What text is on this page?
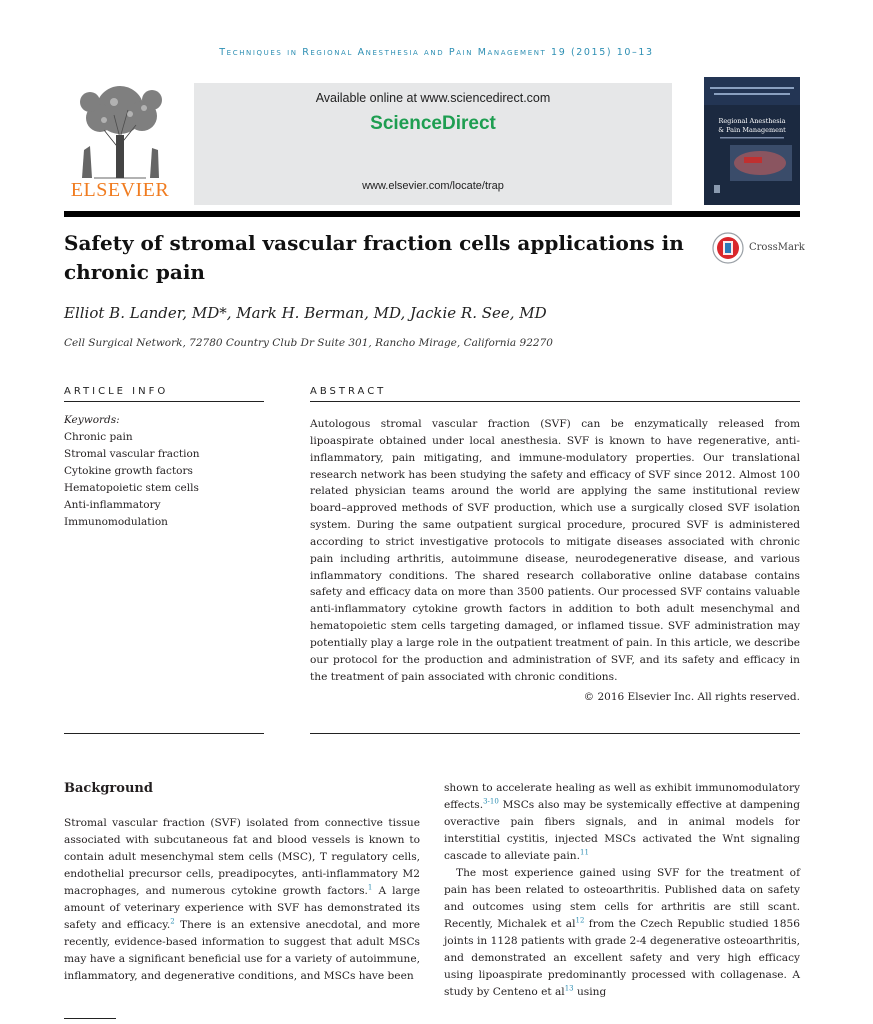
Techniques in Regional Anesthesia and Pain Management 19 (2015) 10–13
ELSEVIER
Available online at www.sciencedirect.com
ScienceDirect
www.elsevier.com/locate/trap
Regional Anesthesia
& Pain Management
Safety of stromal vascular fraction cells applications in chronic pain
CrossMark
Elliot B. Lander, MD*, Mark H. Berman, MD, Jackie R. See, MD
Cell Surgical Network, 72780 Country Club Dr Suite 301, Rancho Mirage, California 92270
ARTICLE INFO	ABSTRACT
Keywords:
Chronic pain
Stromal vascular fraction
Cytokine growth factors
Hematopoietic stem cells
Anti-inflammatory
Immunomodulation
Autologous stromal vascular fraction (SVF) can be enzymatically released from lipoaspirate obtained under local anesthesia. SVF is known to have regenerative, anti-inflammatory, pain mitigating, and immune-modulatory properties. Our translational research network has been studying the safety and efficacy of SVF since 2012. Almost 100 related physician teams around the world are applying the same institutional review board–approved methods of SVF production, which use a surgically closed SVF isolation system. During the same outpatient surgical procedure, procured SVF is administered according to strict investigative protocols to mitigate diseases associated with chronic pain including arthritis, autoimmune disease, neurodegenerative disease, and various inflammatory conditions. The shared research collaborative online database contains safety and efficacy data on more than 3500 patients. Our processed SVF contains valuable anti-inflammatory cytokine growth factors in addition to both adult mesenchymal and hematopoietic stem cells targeting damaged, or inflamed tissue. SVF administration may potentially play a large role in the outpatient treatment of pain. In this article, we describe our protocol for the production and administration of SVF, and its safety and efficacy in the treatment of pain associated with chronic conditions.
© 2016 Elsevier Inc. All rights reserved.
Background

Stromal vascular fraction (SVF) isolated from connective tissue associated with subcutaneous fat and blood vessels is known to contain adult mesenchymal stem cells (MSC), T regulatory cells, endothelial precursor cells, preadipocytes, anti-inflammatory M2 macrophages, and numerous cytokine growth factors.$^1$ A large amount of veterinary experience with SVF has demonstrated its safety and efficacy.$^2$ There is an extensive anecdotal, and more recently, evidence-based information to suggest that adult MSCs may have a significant beneficial use for a variety of autoimmune, inflammatory, and degenerative conditions, and MSCs have been

shown to accelerate healing as well as exhibit immunomodulatory effects.$^{3-10}$ MSCs also may be systemically effective at dampening overactive pain fibers signals, and in animal models for interstitial cystitis, injected MSCs activated the Wnt signaling cascade to alleviate pain.$^{11}$

The most experience gained using SVF for the treatment of pain has been related to osteoarthritis. Published data on safety and outcomes using stem cells for arthritis are still scant. Recently, Michalek et $al^{12}$ from the Czech Republic studied 1856 joints in 1128 patients with grade 2-4 degenerative osteoarthritis, and demonstrated an excellent safety and very high efficacy using lipoaspirate predominantly processed with collagenase. A study by Centeno et $al^{13}$ using
